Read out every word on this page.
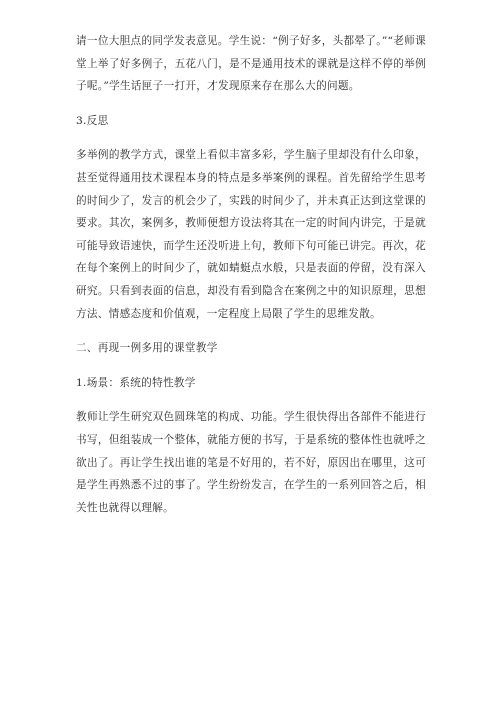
请一位大胆点的同学发表意见。学生说：“例子好多，头都晕了。”“老师课堂上举了好多例子，五花八门，是不是通用技术的课就是这样不停的举例子呢。”学生话匣子一打开，才发现原来存在那么大的问题。

3.反思

多举例的教学方式，课堂上看似丰富多彩，学生脑子里却没有什么印象，甚至觉得通用技术课程本身的特点是多举案例的课程。首先留给学生思考的时间少了，发言的机会少了，实践的时间少了，并未真正达到这堂课的要求。其次，案例多，教师便想方设法将其在一定的时间内讲完，于是就可能导致语速快，而学生还没听进上句，教师下句可能已讲完。再次，花在每个案例上的时间少了，就如蜻蜓点水般，只是表面的停留，没有深入研究。只看到表面的信息，却没有看到隐含在案例之中的知识原理，思想方法、情感态度和价值观，一定程度上局限了学生的思维发散。

二、再现一例多用的课堂教学

1.场景：系统的特性教学

教师让学生研究双色圆珠笔的构成、功能。学生很快得出各部件不能进行书写，但组装成一个整体，就能方便的书写，于是系统的整体性也就呼之欲出了。再让学生找出谁的笔是不好用的，若不好，原因出在哪里，这可是学生再熟悉不过的事了。学生纷纷发言，在学生的一系列回答之后，相关性也就得以理解。
